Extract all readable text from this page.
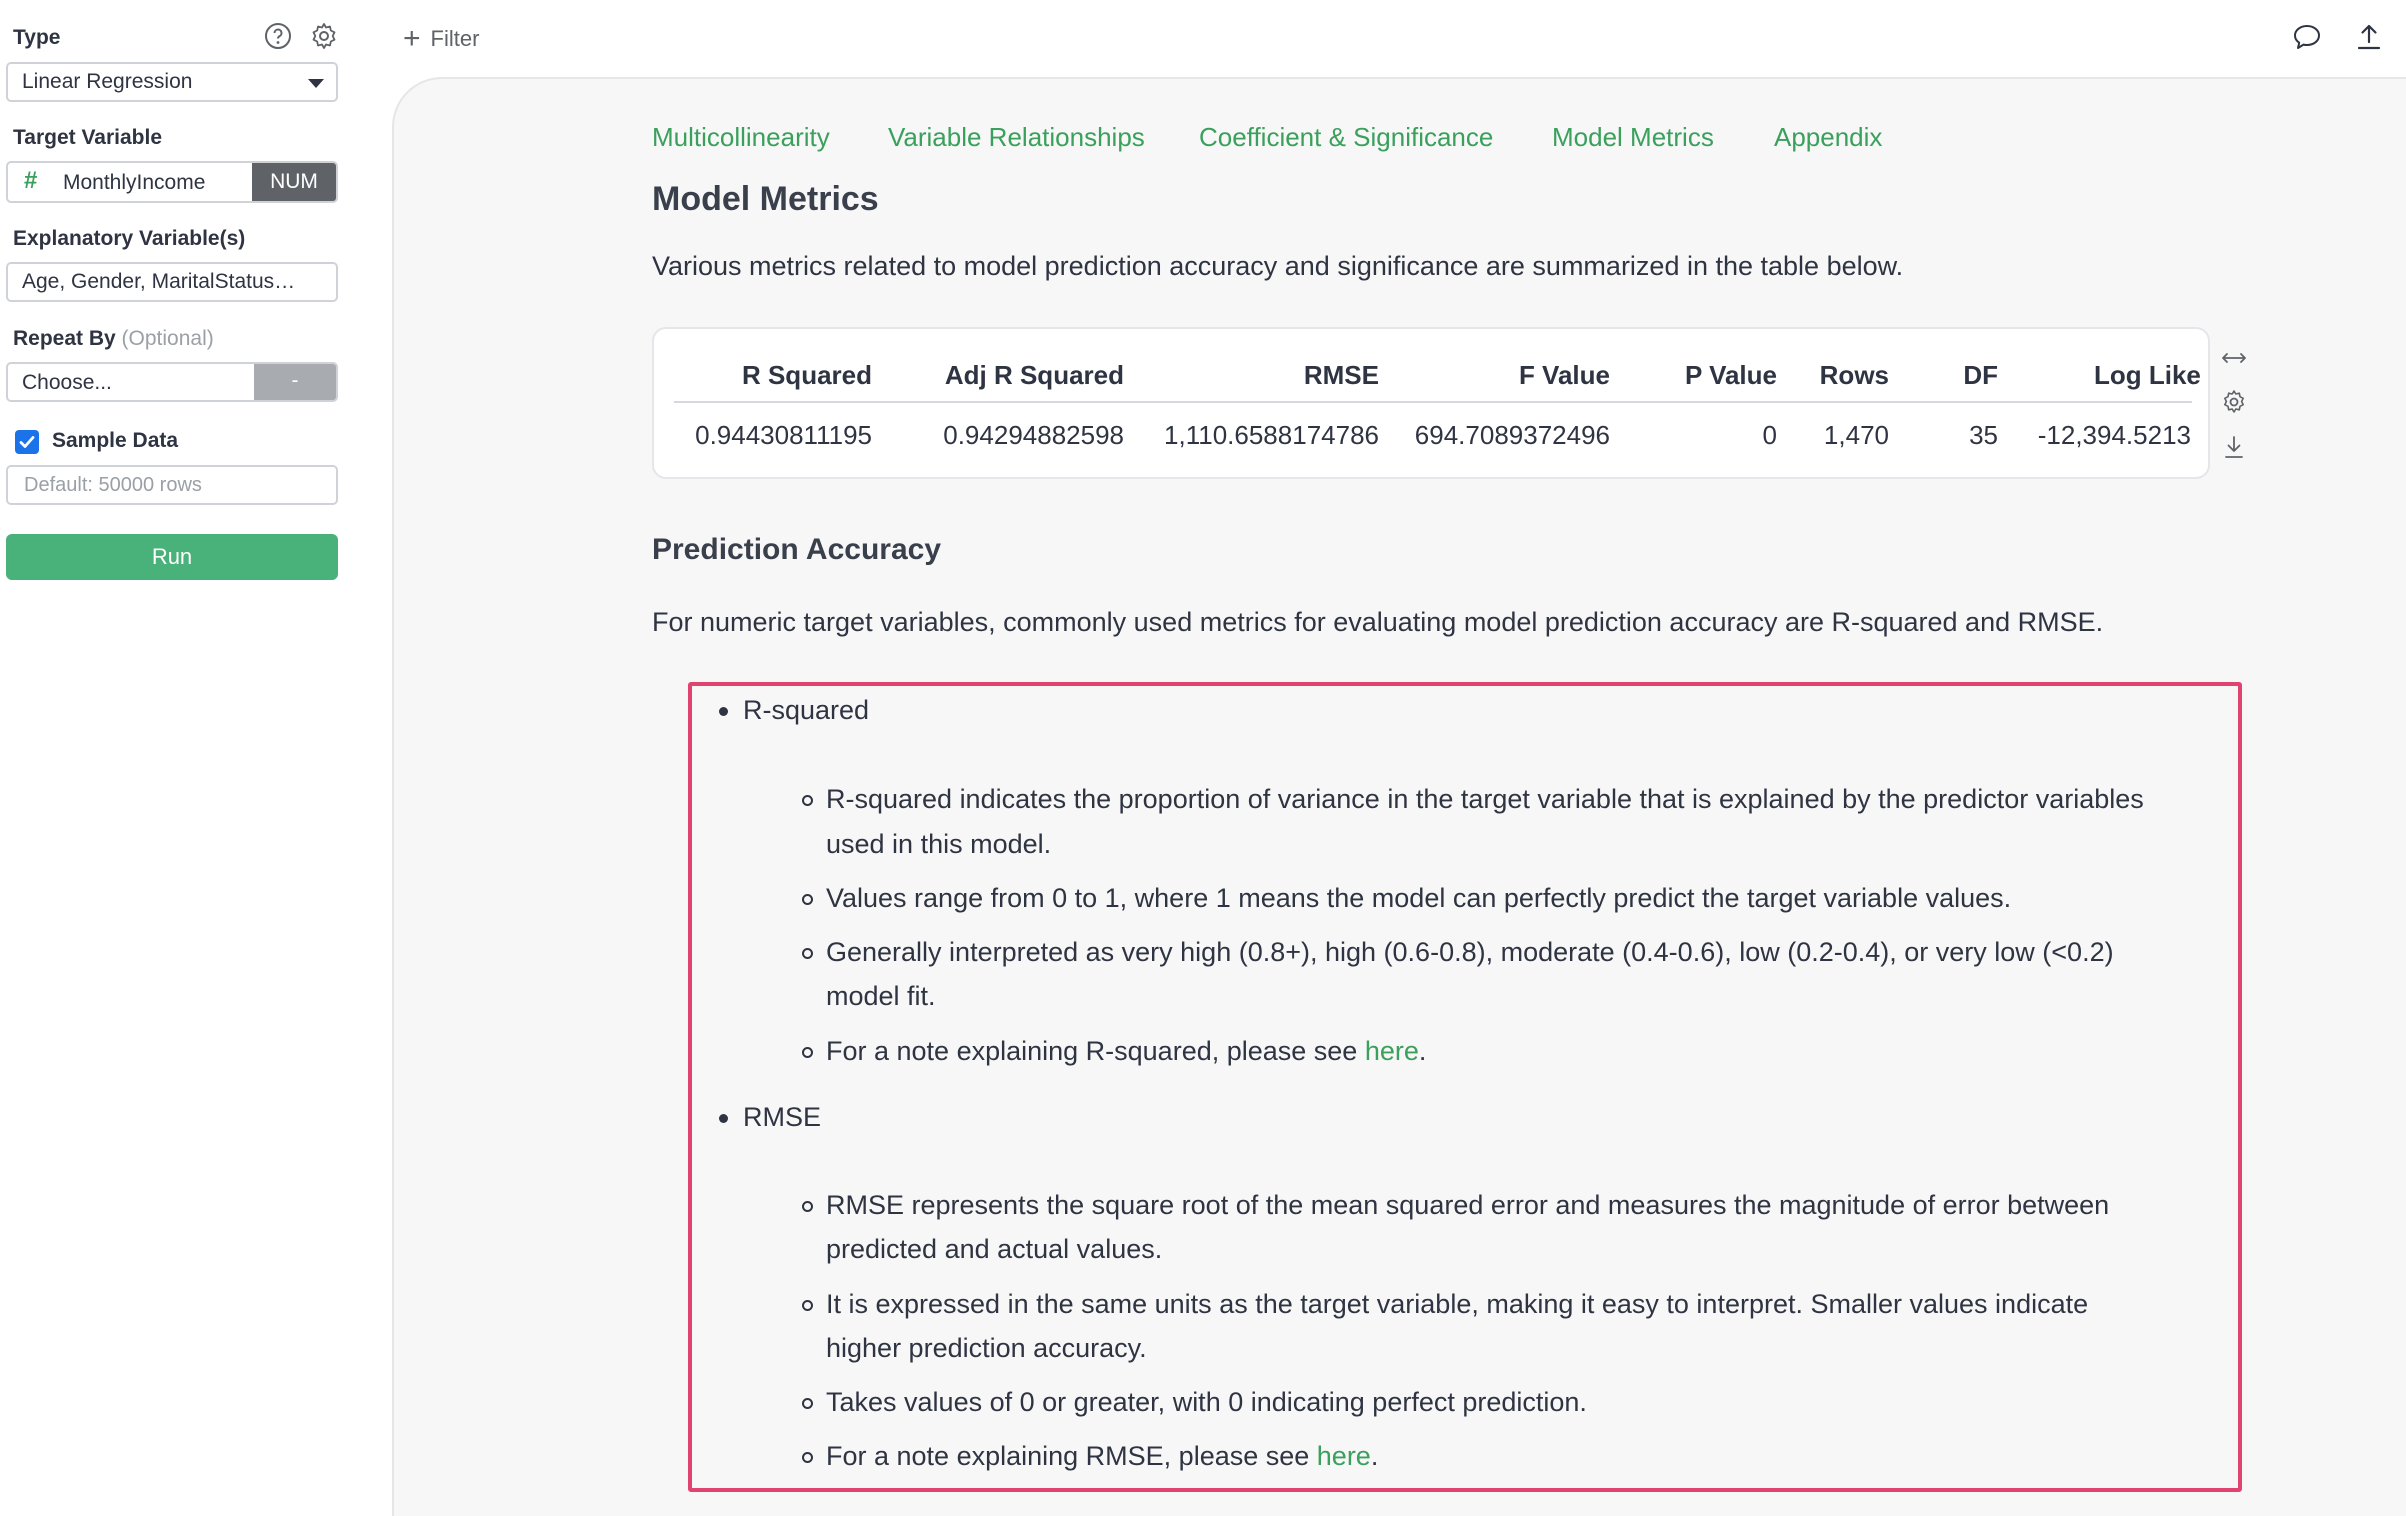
Type
Linear Regression
Target Variable
# MonthlyIncome	NUM
Explanatory Variable(s)
Age, Gender, MaritalStatus…
Repeat By (Optional)
Choose...	-
Sample Data
Default: 50000 rows
Run
+ Filter
Multicollinearity Variable Relationships Coefficient & Significance Model Metrics Appendix
Model Metrics
Various metrics related to model prediction accuracy and significance are summarized in the table below.
R Squared	Adj R Squared	RMSE	F Value	P Value	Rows	DF	Log Like
0.94430811195	0.94294882598	1,110.6588174786	694.7089372496	0	1,470	35	-12,394.5213
Prediction Accuracy
For numeric target variables, commonly used metrics for evaluating model prediction accuracy are R-squared and RMSE.
R-squared
R-squared indicates the proportion of variance in the target variable that is explained by the predictor variables
used in this model.
Values range from 0 to 1, where 1 means the model can perfectly predict the target variable values.
Generally interpreted as very high (0.8+), high (0.6-0.8), moderate (0.4-0.6), low (0.2-0.4), or very low (<0.2)
model fit.
For a note explaining R-squared, please see here.
RMSE
RMSE represents the square root of the mean squared error and measures the magnitude of error between
predicted and actual values.
It is expressed in the same units as the target variable, making it easy to interpret. Smaller values indicate
higher prediction accuracy.
Takes values of 0 or greater, with 0 indicating perfect prediction.
For a note explaining RMSE, please see here.
